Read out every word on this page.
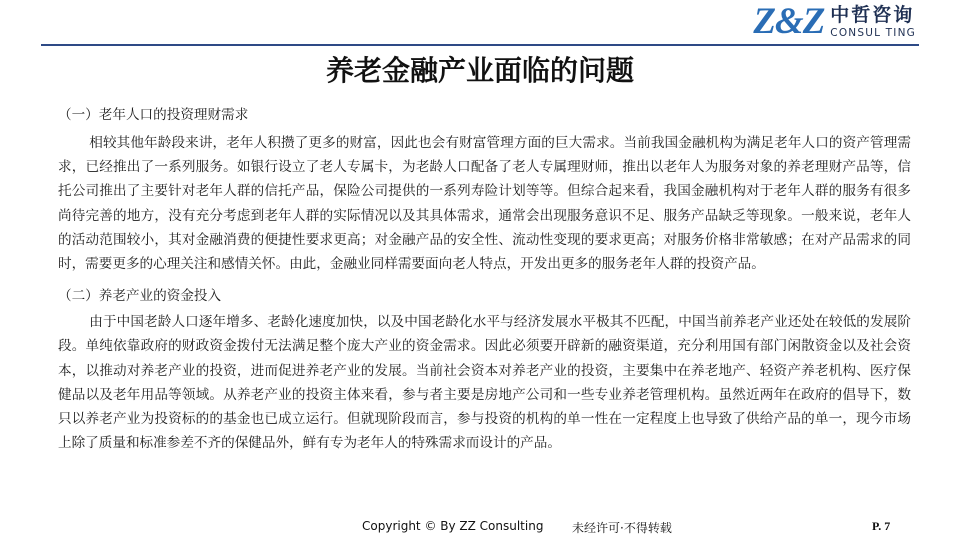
Z&Z 中哲咨询
CONSUL TING
养老金融产业面临的问题

（一）老年人口的投资理财需求

相较其他年龄段来讲，老年人积攒了更多的财富，因此也会有财富管理方面的巨大需求。当前我国金融机构为满足老年人口的资产管理需求，已经推出了一系列服务。如银行设立了老人专属卡，为老龄人口配备了老人专属理财师，推出以老年人为服务对象的养老理财产品等，信托公司推出了主要针对老年人群的信托产品，保险公司提供的一系列寿险计划等等。但综合起来看，我国金融机构对于老年人群的服务有很多尚待完善的地方，没有充分考虑到老年人群的实际情况以及其具体需求，通常会出现服务意识不足、服务产品缺乏等现象。一般来说，老年人的活动范围较小，其对金融消费的便捷性要求更高；对金融产品的安全性、流动性变现的要求更高；对服务价格非常敏感；在对产品需求的同时，需要更多的心理关注和感情关怀。由此，金融业同样需要面向老人特点，开发出更多的服务老年人群的投资产品。

（二）养老产业的资金投入

由于中国老龄人口逐年增多、老龄化速度加快，以及中国老龄化水平与经济发展水平极其不匹配，中国当前养老产业还处在较低的发展阶段。单纯依靠政府的财政资金拨付无法满足整个庞大产业的资金需求。因此必须要开辟新的融资渠道，充分利用国有部门闲散资金以及社会资本，以推动对养老产业的投资，进而促进养老产业的发展。当前社会资本对养老产业的投资，主要集中在养老地产、轻资产养老机构、医疗保健品以及老年用品等领域。从养老产业的投资主体来看，参与者主要是房地产公司和一些专业养老管理机构。虽然近两年在政府的倡导下，数只以养老产业为投资标的的基金也已成立运行。但就现阶段而言，参与投资的机构的单一性在一定程度上也导致了供给产品的单一，现今市场上除了质量和标准参差不齐的保健品外，鲜有专为老年人的特殊需求而设计的产品。

Copyright © By ZZ Consulting 未经许可·不得转载	P. 7
